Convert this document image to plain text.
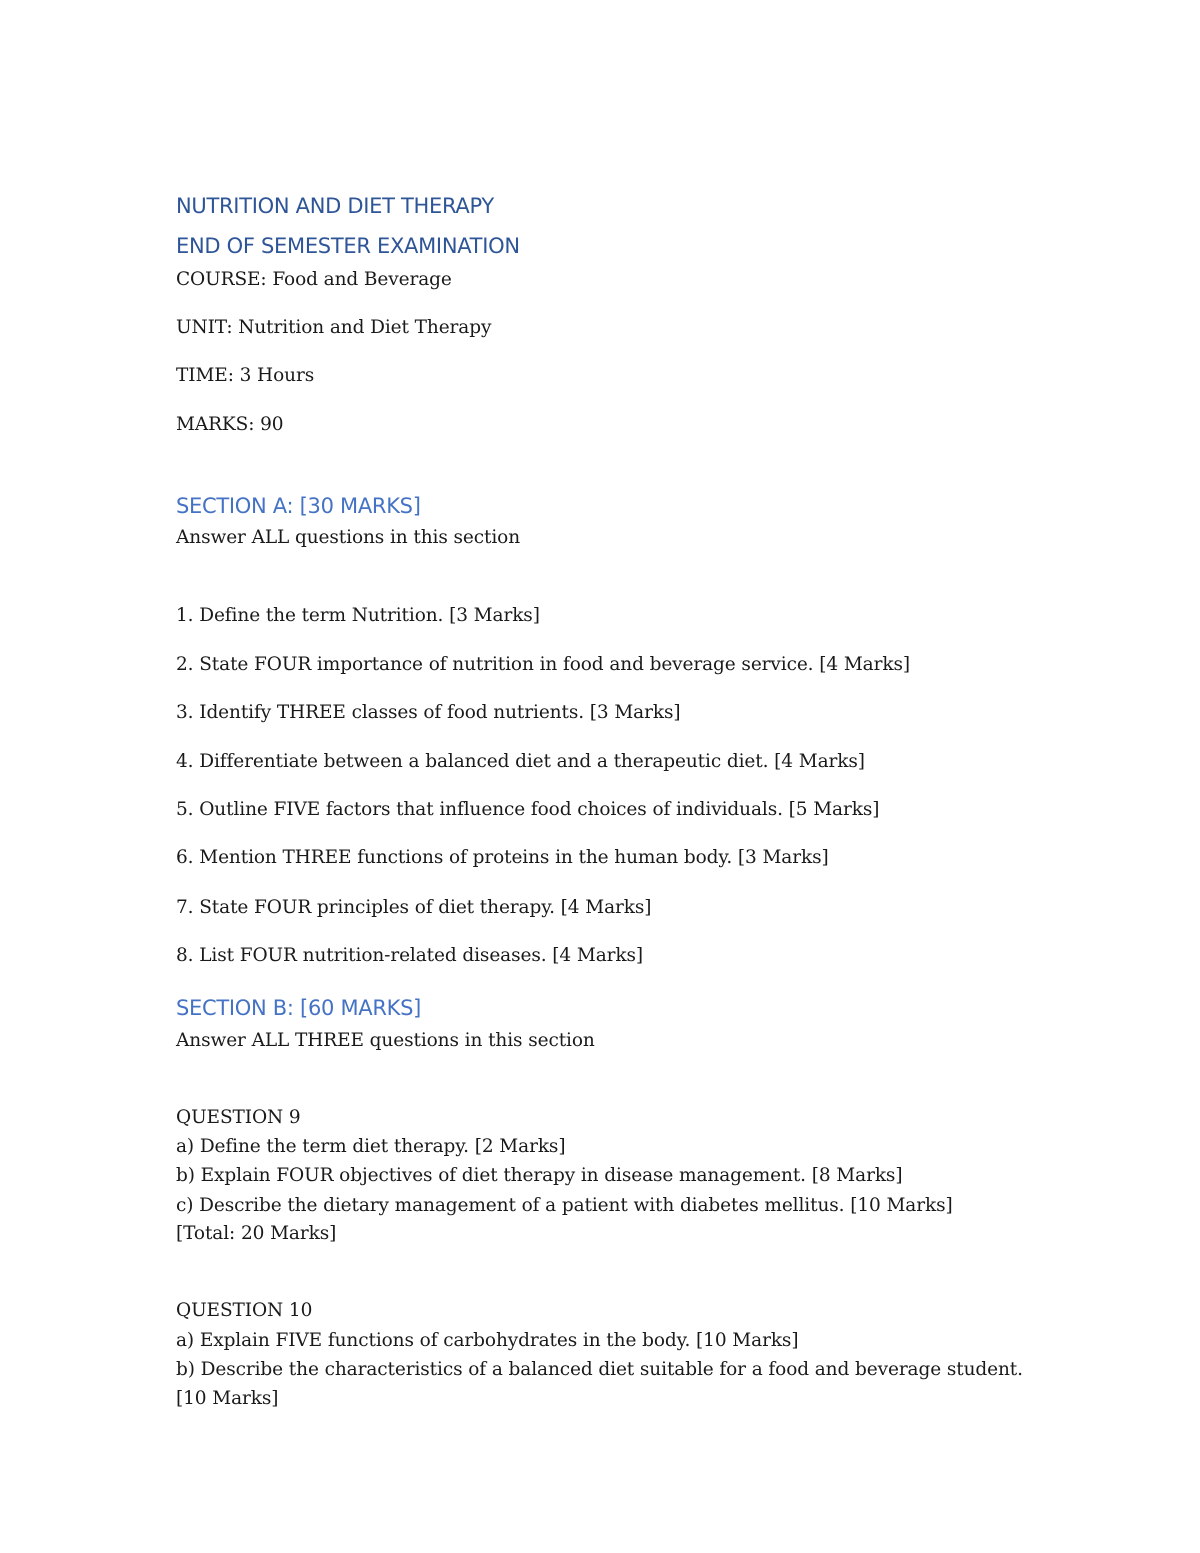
NUTRITION AND DIET THERAPY
END OF SEMESTER EXAMINATION
COURSE: Food and Beverage
UNIT: Nutrition and Diet Therapy
TIME: 3 Hours
MARKS: 90
SECTION A: [30 MARKS]
Answer ALL questions in this section
1. Define the term Nutrition. [3 Marks]
2. State FOUR importance of nutrition in food and beverage service. [4 Marks]
3. Identify THREE classes of food nutrients. [3 Marks]
4. Differentiate between a balanced diet and a therapeutic diet. [4 Marks]
5. Outline FIVE factors that influence food choices of individuals. [5 Marks]
6. Mention THREE functions of proteins in the human body. [3 Marks]
7. State FOUR principles of diet therapy. [4 Marks]
8. List FOUR nutrition-related diseases. [4 Marks]
SECTION B: [60 MARKS]
Answer ALL THREE questions in this section
QUESTION 9
a) Define the term diet therapy. [2 Marks]
b) Explain FOUR objectives of diet therapy in disease management. [8 Marks]
c) Describe the dietary management of a patient with diabetes mellitus. [10 Marks]
[Total: 20 Marks]
QUESTION 10
a) Explain FIVE functions of carbohydrates in the body. [10 Marks]
b) Describe the characteristics of a balanced diet suitable for a food and beverage student.
[10 Marks]
